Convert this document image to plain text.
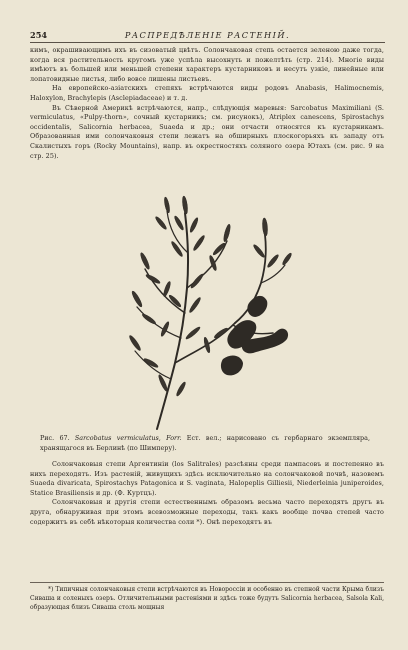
254	РАСПРЕДѢЛЕНІЕ РАСТЕНІЙ.

кимъ, окрашивающимъ ихъ въ сизоватый цвѣтъ. Солончаковая степь остается зеленою даже тогда, когда вся растительность кругомъ уже успѣла высохнуть и пожелтѣть (стр. 214). Многіе виды имѣютъ въ большей или меньшей степени характеръ кустарниковъ и несутъ узкіе, линейные или лопатовидные листья, либо вовсе лишены листьевъ.

На европейско-азіатскихъ степяхъ встрѣчаются виды родовъ Anabasis, Halimocnemis, Haloxylon, Brachylepis (Asclepiadaceae) и т. д.

Въ Сѣверной Америкѣ встрѣчаются, напр., слѣдующія маревыя: Sarcobatus Maximiliani (S. vermiculatus, «Pulpy-thorn», сочный кустарникъ; см. рисунокъ), Atriplex canescens, Spirostachys occidentalis, Salicornia herbacea, Suaeda и др.; они отчасти относятся къ кустарникамъ. Образованныя ими солончаковыя степи лежатъ на обширныхъ плоскогорьяхъ къ западу отъ Скалистыхъ горъ (Rocky Mountains), напр. въ окрестностяхъ соляного озера Ютахъ (см. рис. 9 на стр. 25).

Рис. 67. Sarcobatus vermiculatus, Forr. Ест. вел.; нарисовано съ гербарнаго экземпляра, хранящагося въ Берлинѣ (по Шимперу).

Солончаковыя степи Аргентиніи (los Salitrales) разсѣяны среди пампасовъ и постепенно въ нихъ переходятъ. Изъ растеній, живущихъ здѣсь исключительно на солончаковой почвѣ, назовемъ Suaeda divaricata, Spirostachys Patagonica и S. vaginata, Halopeplis Gilliesii, Niederleinia juniperoides, Statice Brasiliensis и др. (Ф. Куртцъ).

Солончаковыя и другія степи естественнымъ образомъ весьма часто переходятъ другъ въ друга, обнаруживая при этомъ всевозможные переходы, такъ какъ вообще почва степей часто содержитъ въ себѣ нѣкоторыя количества соли *). Онѣ переходятъ въ

*) Типичныя солончаковыя степи встрѣчаются въ Новороссіи и особенно въ степной части Крыма близъ Сиваша и соленыхъ озеръ. Отличительными растеніями и здѣсь тоже будутъ Salicornia herbacea, Salsola Kali, образующая близъ Сиваша столь мощныя
